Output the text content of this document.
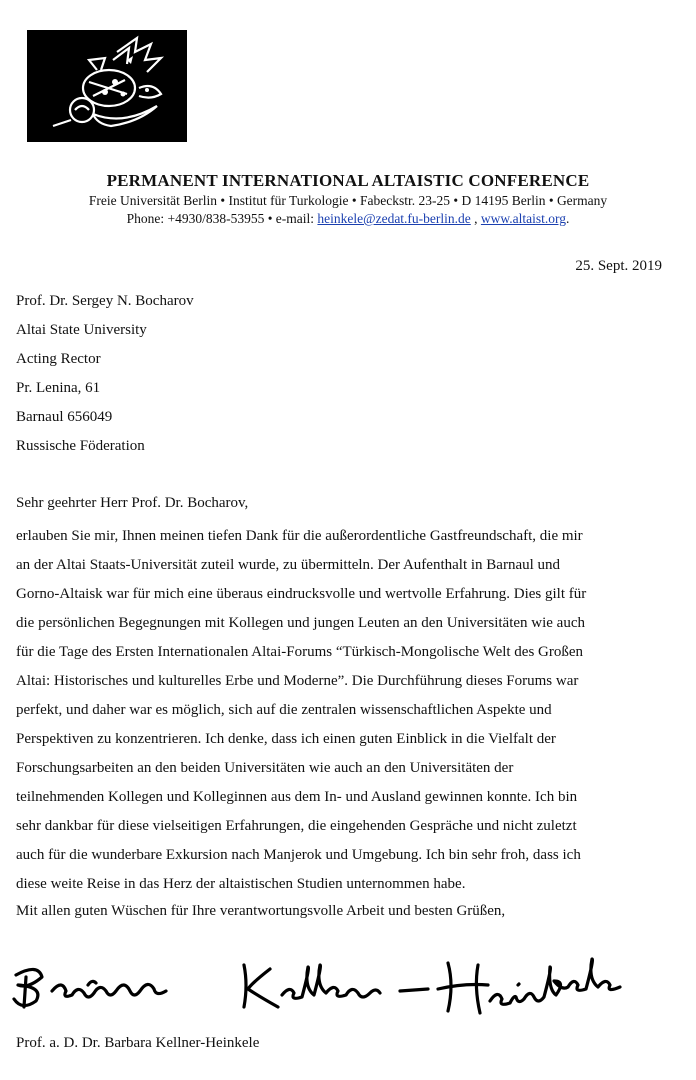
PERMANENT INTERNATIONAL ALTAISTIC CONFERENCE
Freie Universität Berlin • Institut für Turkologie • Fabeckstr. 23-25 • D 14195 Berlin • Germany
Phone: +4930/838-53955 • e-mail: heinkele@zedat.fu-berlin.de , www.altaist.org.
25. Sept. 2019
Prof. Dr. Sergey N. Bocharov
Altai State University
Acting Rector
Pr. Lenina, 61
Barnaul 656049
Russische Föderation
Sehr geehrter Herr Prof. Dr. Bocharov,
erlauben Sie mir, Ihnen meinen tiefen Dank für die außerordentliche Gastfreundschaft, die mir
an der Altai Staats-Universität zuteil wurde, zu übermitteln. Der Aufenthalt in Barnaul und
Gorno-Altaisk war für mich eine überaus eindrucksvolle und wertvolle Erfahrung. Dies gilt für
die persönlichen Begegnungen mit Kollegen und jungen Leuten an den Universitäten wie auch
für die Tage des Ersten Internationalen Altai-Forums “Türkisch-Mongolische Welt des Großen
Altai: Historisches und kulturelles Erbe und Moderne”. Die Durchführung dieses Forums war
perfekt, und daher war es möglich, sich auf die zentralen wissenschaftlichen Aspekte und
Perspektiven zu konzentrieren. Ich denke, dass ich einen guten Einblick in die Vielfalt der
Forschungsarbeiten an den beiden Universitäten wie auch an den Universitäten der
teilnehmenden Kollegen und Kolleginnen aus dem In- und Ausland gewinnen konnte. Ich bin
sehr dankbar für diese vielseitigen Erfahrungen, die eingehenden Gespräche und nicht zuletzt
auch für die wunderbare Exkursion nach Manjerok und Umgebung. Ich bin sehr froh, dass ich
diese weite Reise in das Herz der altaistischen Studien unternommen habe.
Mit allen guten Wüschen für Ihre verantwortungsvolle Arbeit und besten Grüßen,
Prof. a. D. Dr. Barbara Kellner-Heinkele
